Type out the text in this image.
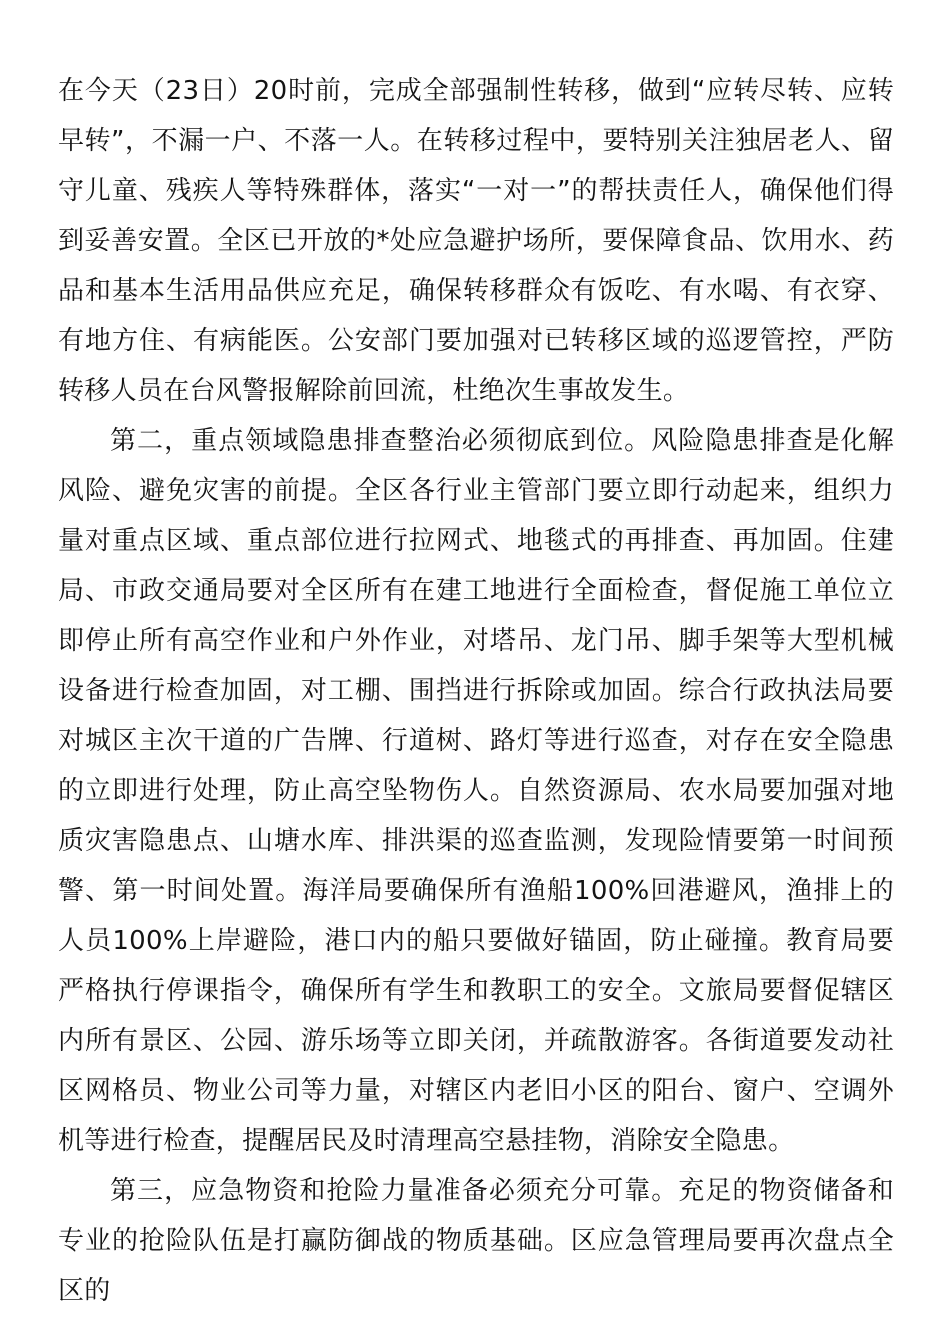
在今天（23日）20时前，完成全部强制性转移，做到“应转尽转、应转早转”，不漏一户、不落一人。在转移过程中，要特别关注独居老人、留守儿童、残疾人等特殊群体，落实“一对一”的帮扶责任人，确保他们得到妥善安置。全区已开放的*处应急避护场所，要保障食品、饮用水、药品和基本生活用品供应充足，确保转移群众有饭吃、有水喝、有衣穿、有地方住、有病能医。公安部门要加强对已转移区域的巡逻管控，严防转移人员在台风警报解除前回流，杜绝次生事故发生。

第二，重点领域隐患排查整治必须彻底到位。风险隐患排查是化解风险、避免灾害的前提。全区各行业主管部门要立即行动起来，组织力量对重点区域、重点部位进行拉网式、地毯式的再排查、再加固。住建局、市政交通局要对全区所有在建工地进行全面检查，督促施工单位立即停止所有高空作业和户外作业，对塔吊、龙门吊、脚手架等大型机械设备进行检查加固，对工棚、围挡进行拆除或加固。综合行政执法局要对城区主次干道的广告牌、行道树、路灯等进行巡查，对存在安全隐患的立即进行处理，防止高空坠物伤人。自然资源局、农水局要加强对地质灾害隐患点、山塘水库、排洪渠的巡查监测，发现险情要第一时间预警、第一时间处置。海洋局要确保所有渔船100%回港避风，渔排上的人员100%上岸避险，港口内的船只要做好锚固，防止碰撞。教育局要严格执行停课指令，确保所有学生和教职工的安全。文旅局要督促辖区内所有景区、公园、游乐场等立即关闭，并疏散游客。各街道要发动社区网格员、物业公司等力量，对辖区内老旧小区的阳台、窗户、空调外机等进行检查，提醒居民及时清理高空悬挂物，消除安全隐患。

第三，应急物资和抢险力量准备必须充分可靠。充足的物资储备和专业的抢险队伍是打赢防御战的物质基础。区应急管理局要再次盘点全区的
